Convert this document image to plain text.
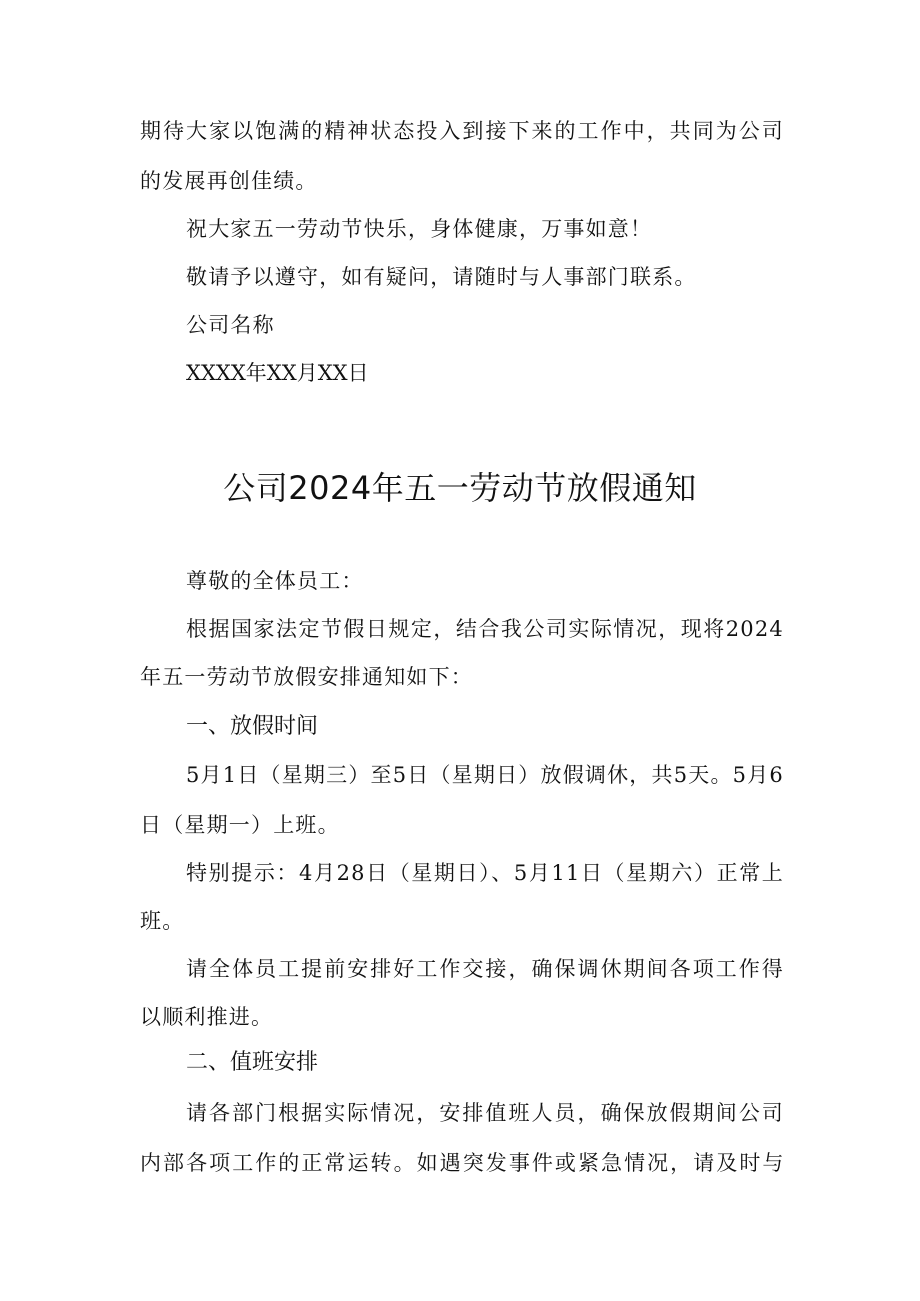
期待大家以饱满的精神状态投入到接下来的工作中，共同为公司
的发展再创佳绩。
祝大家五一劳动节快乐，身体健康，万事如意！
敬请予以遵守，如有疑问，请随时与人事部门联系。
公司名称
XXXX年XX月XX日
公司2024年五一劳动节放假通知
尊敬的全体员工：
根据国家法定节假日规定，结合我公司实际情况，现将2024
年五一劳动节放假安排通知如下：
一、放假时间
5月1日（星期三）至5日（星期日）放假调休，共5天。5月6
日（星期一）上班。
特别提示：4月28日（星期日）、5月11日（星期六）正常上
班。
请全体员工提前安排好工作交接，确保调休期间各项工作得
以顺利推进。
二、值班安排
请各部门根据实际情况，安排值班人员，确保放假期间公司
内部各项工作的正常运转。如遇突发事件或紧急情况，请及时与
